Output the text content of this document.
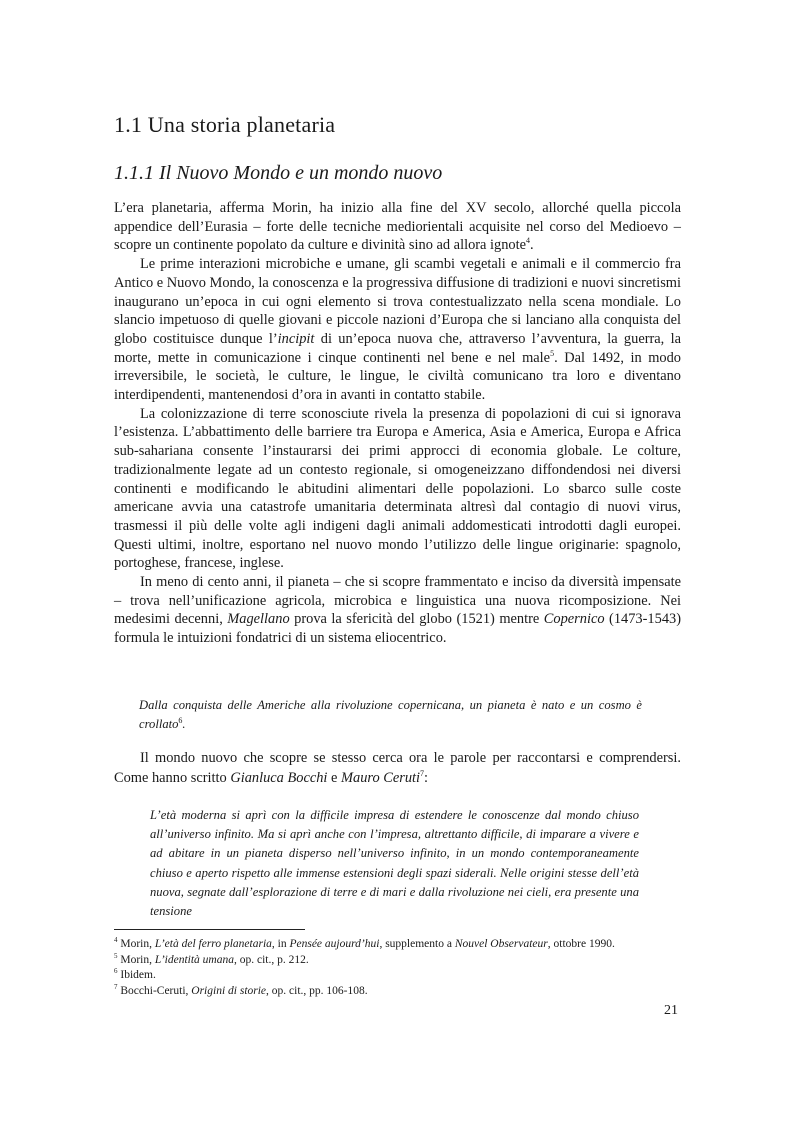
1.1 Una storia planetaria
1.1.1 Il Nuovo Mondo e un mondo nuovo

L’era planetaria, afferma Morin, ha inizio alla fine del XV secolo, allorché quella piccola appendice dell’Eurasia – forte delle tecniche mediorientali acquisite nel corso del Medioevo – scopre un continente popolato da culture e divinità sino ad allora ignote$^4$.

Le prime interazioni microbiche e umane, gli scambi vegetali e animali e il commercio fra Antico e Nuovo Mondo, la conoscenza e la progressiva diffusione di tradizioni e nuovi sincretismi inaugurano un’epoca in cui ogni elemento si trova contestualizzato nella scena mondiale. Lo slancio impetuoso di quelle giovani e piccole nazioni d’Europa che si lanciano alla conquista del globo costituisce dunque l’incipit di un’epoca nuova che, attraverso l’avventura, la guerra, la morte, mette in comunicazione i cinque continenti nel bene e nel male$^5$. Dal 1492, in modo irreversibile, le società, le culture, le lingue, le civiltà comunicano tra loro e diventano interdipendenti, mantenendosi d’ora in avanti in contatto stabile.

La colonizzazione di terre sconosciute rivela la presenza di popolazioni di cui si ignorava l’esistenza. L’abbattimento delle barriere tra Europa e America, Asia e America, Europa e Africa sub-sahariana consente l’instaurarsi dei primi approcci di economia globale. Le colture, tradizionalmente legate ad un contesto regionale, si omogeneizzano diffondendosi nei diversi continenti e modificando le abitudini alimentari delle popolazioni. Lo sbarco sulle coste americane avvia una catastrofe umanitaria determinata altresì dal contagio di nuovi virus, trasmessi il più delle volte agli indigeni dagli animali addomesticati introdotti dagli europei. Questi ultimi, inoltre, esportano nel nuovo mondo l’utilizzo delle lingue originarie: spagnolo, portoghese, francese, inglese.

In meno di cento anni, il pianeta – che si scopre frammentato e inciso da diversità impensate – trova nell’unificazione agricola, microbica e linguistica una nuova ricomposizione. Nei medesimi decenni, Magellano prova la sfericità del globo (1521) mentre Copernico (1473-1543) formula le intuizioni fondatrici di un sistema eliocentrico.

Dalla conquista delle Americhe alla rivoluzione copernicana, un pianeta è nato e un cosmo è crollato$^6$.
Il mondo nuovo che scopre se stesso cerca ora le parole per raccontarsi e comprendersi. Come hanno scritto Gianluca Bocchi e Mauro Ceruti$^7$:
L’età moderna si aprì con la difficile impresa di estendere le conoscenze dal mondo chiuso all’universo infinito. Ma si aprì anche con l’impresa, altrettanto difficile, di imparare a vivere e ad abitare in un pianeta disperso nell’universo infinito, in un mondo contemporaneamente chiuso e aperto rispetto alle immense estensioni degli spazi siderali. Nelle origini stesse dell’età nuova, segnate dall’esplorazione di terre e di mari e dalla rivoluzione nei cieli, era presente una tensione
$^4$ Morin, L’età del ferro planetaria, in Pensée aujourd’hui, supplemento a Nouvel Observateur, ottobre 1990.
$^5$ Morin, L’identità umana, op. cit., p. 212.
$^6$ Ibidem.
$^7$ Bocchi-Ceruti, Origini di storie, op. cit., pp. 106-108.
21
